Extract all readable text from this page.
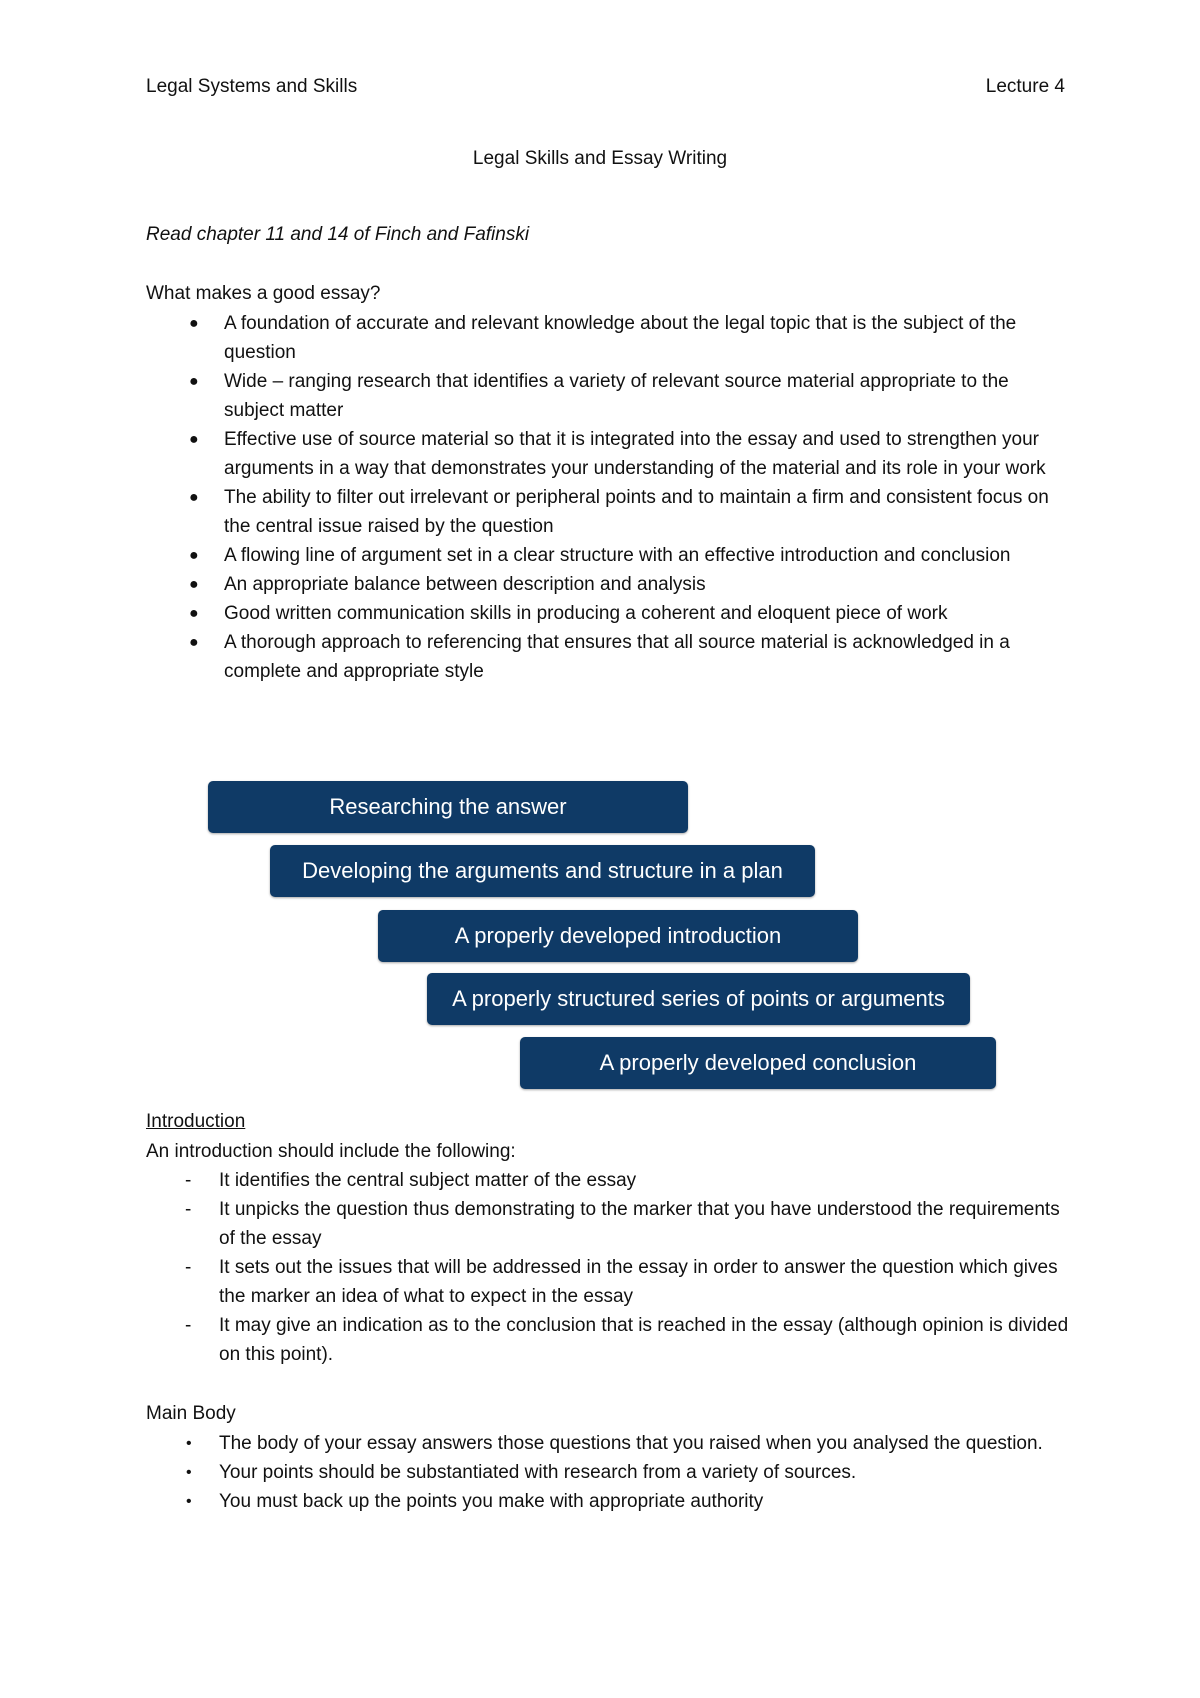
Legal Systems and Skills	Lecture 4
Legal Skills and Essay Writing
Read chapter 11 and 14 of Finch and Fafinski
What makes a good essay?
● A foundation of accurate and relevant knowledge about the legal topic that is the subject of the question
● Wide – ranging research that identifies a variety of relevant source material appropriate to the subject matter
● Effective use of source material so that it is integrated into the essay and used to strengthen your arguments in a way that demonstrates your understanding of the material and its role in your work
● The ability to filter out irrelevant or peripheral points and to maintain a firm and consistent focus on the central issue raised by the question
● A flowing line of argument set in a clear structure with an effective introduction and conclusion
● An appropriate balance between description and analysis
● Good written communication skills in producing a coherent and eloquent piece of work
● A thorough approach to referencing that ensures that all source material is acknowledged in a complete and appropriate style
Researching the answer
Developing the arguments and structure in a plan
A properly developed introduction
A properly structured series of points or arguments
A properly developed conclusion
Introduction
An introduction should include the following:
- It identifies the central subject matter of the essay
- It unpicks the question thus demonstrating to the marker that you have understood the requirements of the essay
- It sets out the issues that will be addressed in the essay in order to answer the question which gives the marker an idea of what to expect in the essay
- It may give an indication as to the conclusion that is reached in the essay (although opinion is divided on this point).
Main Body
• The body of your essay answers those questions that you raised when you analysed the question.
• Your points should be substantiated with research from a variety of sources.
• You must back up the points you make with appropriate authority
